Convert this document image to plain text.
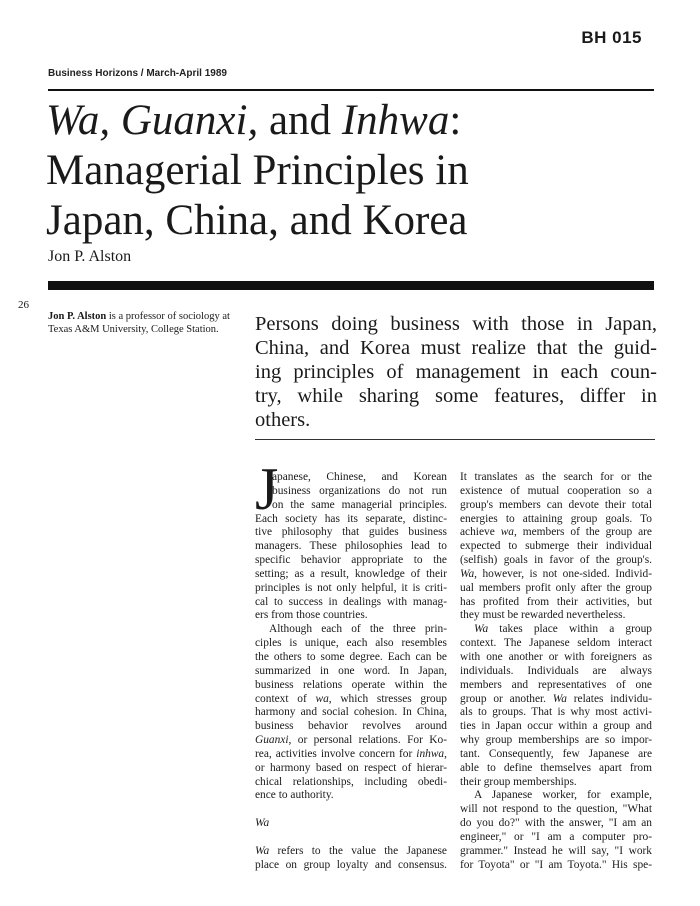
BH 015
Business Horizons / March-April 1989
Wa, Guanxi, and Inhwa:
Managerial Principles in
Japan, China, and Korea
Jon P. Alston
26

Jon P. Alston is a professor of sociology at Texas A&M University, College Station.	Persons doing business with those in Japan,
China, and Korea must realize that the guid-
ing principles of management in each coun-
try, while sharing some features, differ in
others.

J
apanese, Chinese, and Korean
business organizations do not run
on the same managerial principles.
Each society has its separate, distinc-
tive philosophy that guides business
managers. These philosophies lead to
specific behavior appropriate to the
setting; as a result, knowledge of their
principles is not only helpful, it is criti-
cal to success in dealings with manag-
ers from those countries.
Although each of the three prin-
ciples is unique, each also resembles
the others to some degree. Each can be
summarized in one word. In Japan,
business relations operate within the
context of wa, which stresses group
harmony and social cohesion. In China,
business behavior revolves around
Guanxi, or personal relations. For Ko-
rea, activities involve concern for inhwa,
or harmony based on respect of hierar-
chical relationships, including obedi-
ence to authority.
Wa
Wa refers to the value the Japanese
place on group loyalty and consensus.
It translates as the search for or the
existence of mutual cooperation so a
group's members can devote their total
energies to attaining group goals. To
achieve wa, members of the group are
expected to submerge their individual
(selfish) goals in favor of the group's.
Wa, however, is not one-sided. Individ-
ual members profit only after the group
has profited from their activities, but
they must be rewarded nevertheless.
Wa takes place within a group
context. The Japanese seldom interact
with one another or with foreigners as
individuals. Individuals are always
members and representatives of one
group or another. Wa relates individu-
als to groups. That is why most activi-
ties in Japan occur within a group and
why group memberships are so impor-
tant. Consequently, few Japanese are
able to define themselves apart from
their group memberships.
A Japanese worker, for example,
will not respond to the question, "What
do you do?" with the answer, "I am an
engineer," or "I am a computer pro-
grammer." Instead he will say, "I work
for Toyota" or "I am Toyota." His spe-
